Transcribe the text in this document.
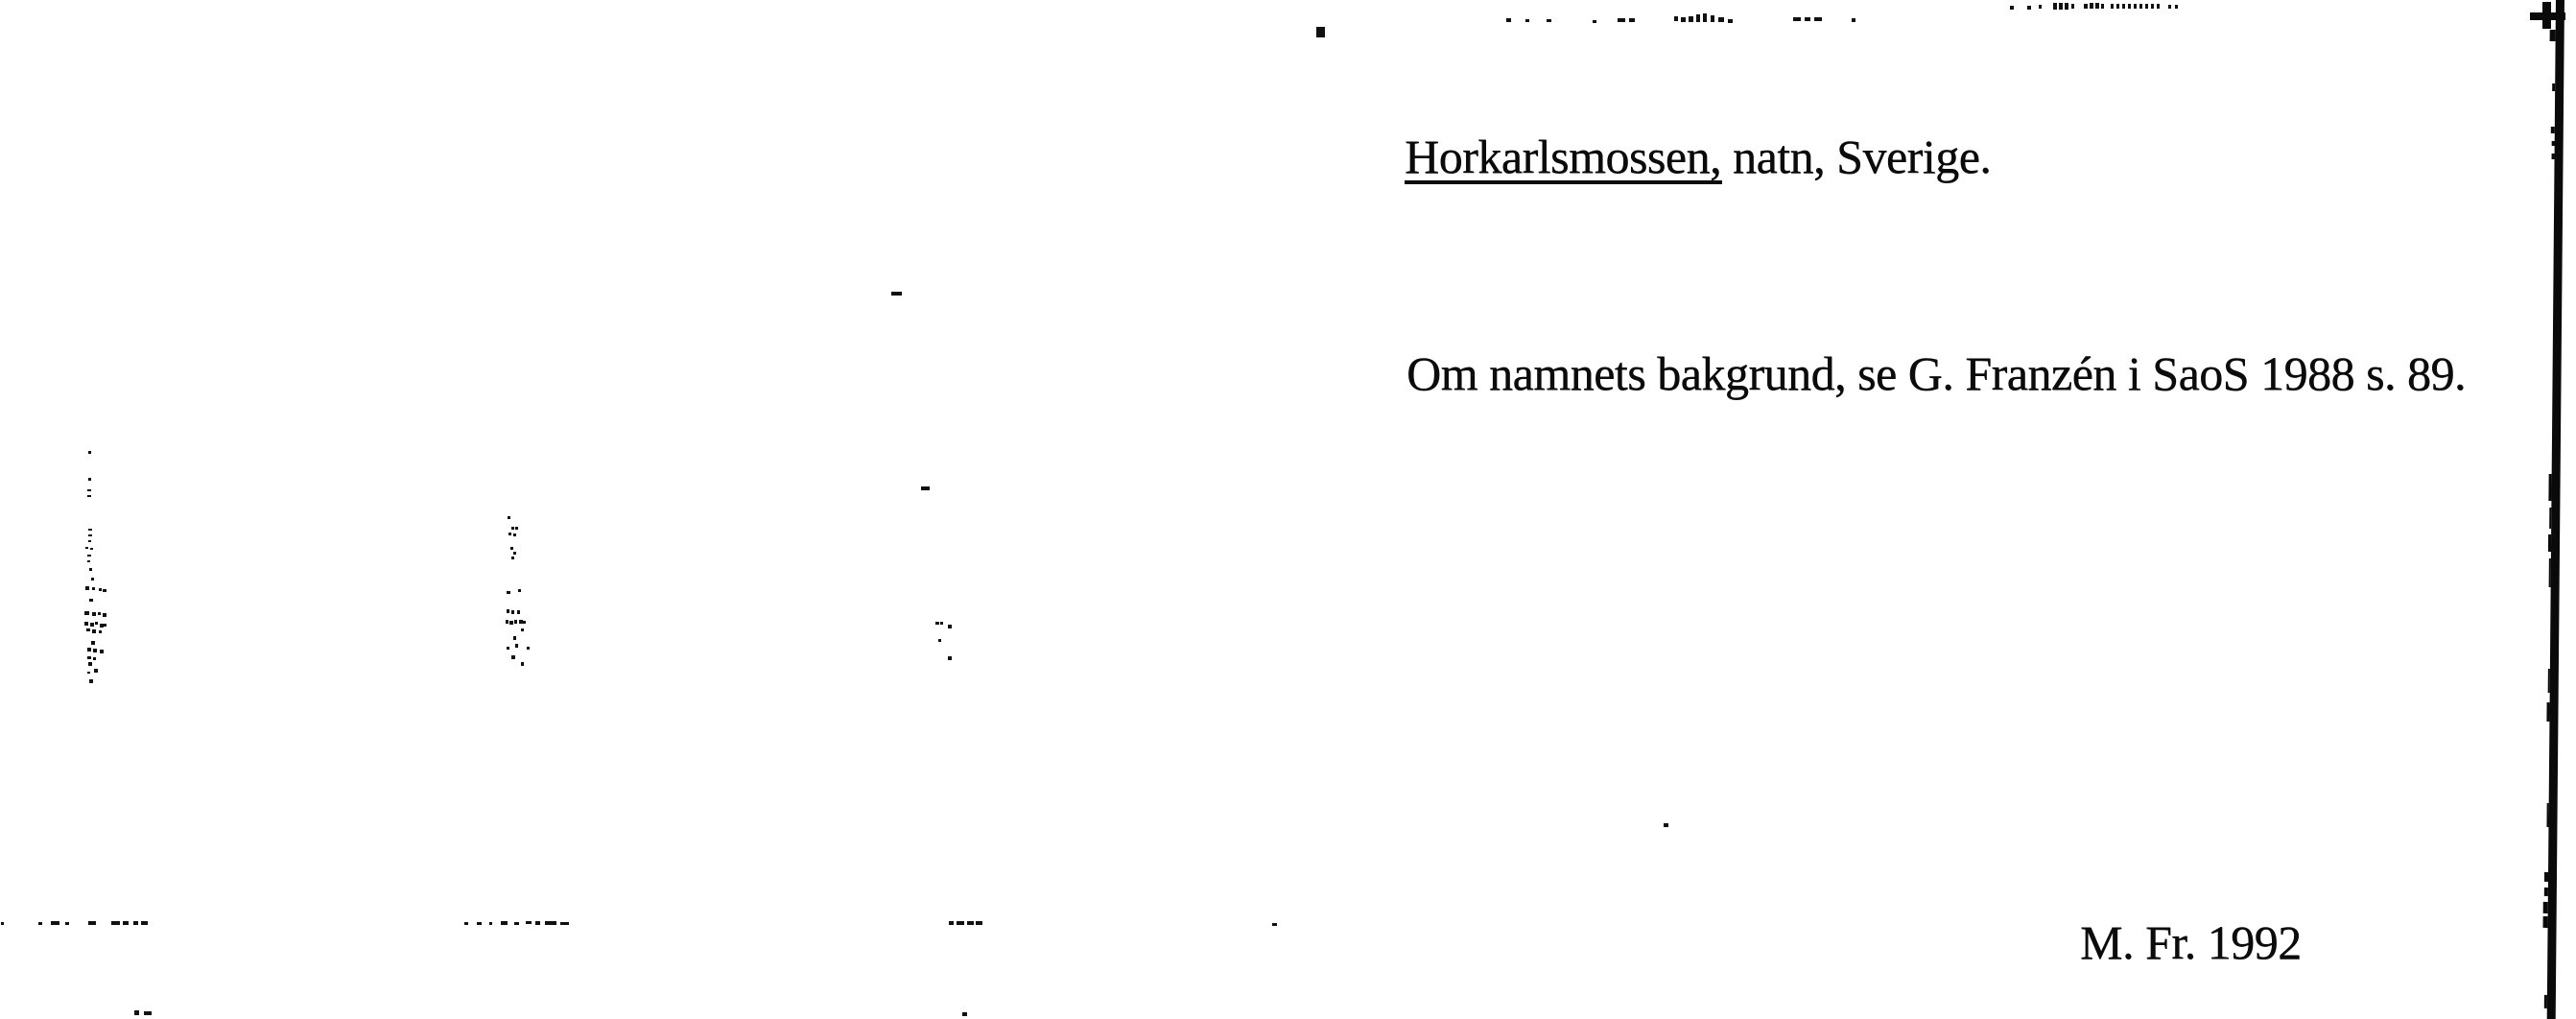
Horkarlsmossen, natn, Sverige.
Om namnets bakgrund, se G. Franzén i SaoS 1988 s. 89.
M. Fr. 1992
